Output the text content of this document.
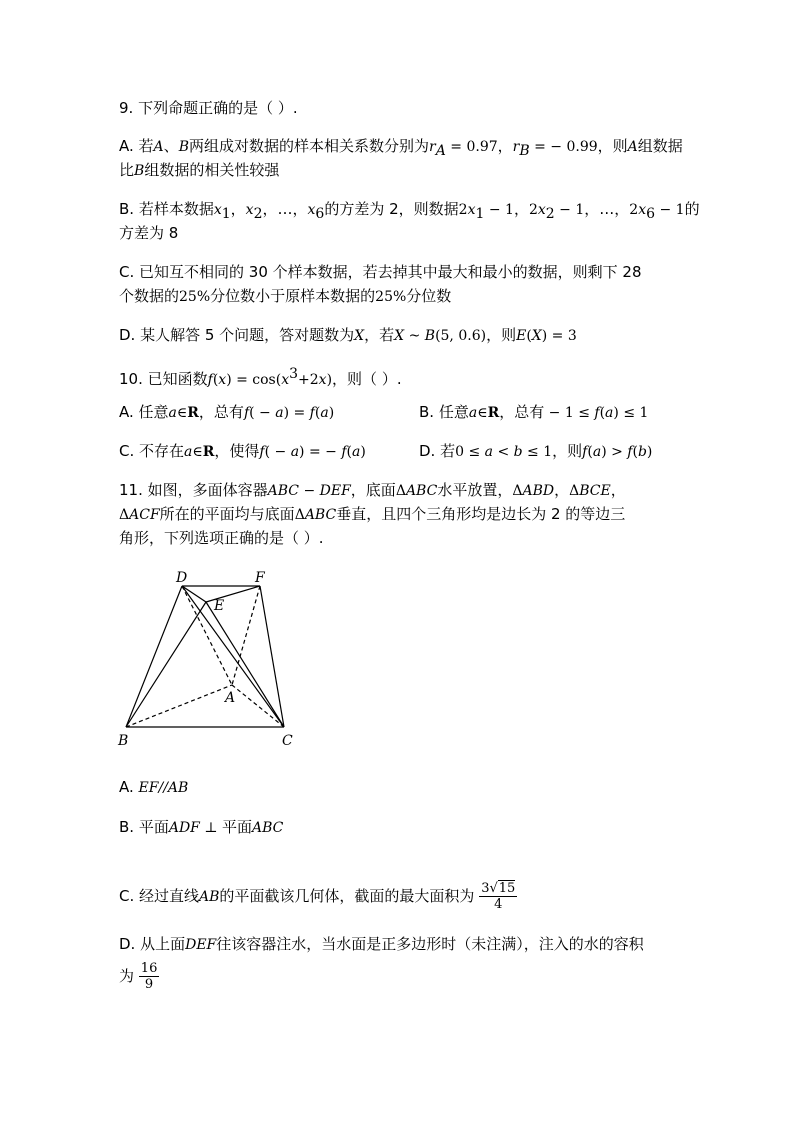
9. 下列命题正确的是（ ）.
A. 若A、B两组成对数据的样本相关系数分别为$r_A = 0.97$，$r_B$ = − 0.99，则A组数据
比B组数据的相关性较强
B. 若样本数据$x_1$，$x_2$，…，$x_6$的方差为 2，则数据$2x_1 - 1$，$2x_2 - 1$，…，$2x_6 - 1$的
方差为 8
C. 已知互不相同的 30 个样本数据，若去掉其中最大和最小的数据，则剩下 28
个数据的25%分位数小于原样本数据的25%分位数
D. 某人解答 5 个问题，答对题数为X，若X ~ B(5, 0.6)，则E(X) = 3
10. 已知函数$f(x) = \cos(x^3+2x)$，则（ ）.
A. 任意a∈R，总有f( − a) = f(a)	B. 任意a∈R，总有 − 1 ≤ f(a) ≤ 1
C. 不存在a∈R，使得f( − a) = − f(a)	D. 若0 ≤ a < b ≤ 1，则f(a) > f(b)
11. 如图，多面体容器ABC − DEF，底面ΔABC水平放置，ΔABD，ΔBCE，
ΔACF所在的平面均与底面ΔABC垂直，且四个三角形均是边长为 2 的等边三
角形，下列选项正确的是（ ）.
D	F
E
A
B	C
A. EF//AB
B. 平面ADF ⊥ 平面ABC
C. 经过直线AB的平面截该几何体，截面的最大面积为 $\frac{3√15}{4}$
D. 从上面DEF往该容器注水，当水面是正多边形时（未注满），注入的水的容积
为 $\frac{16}{9}$
